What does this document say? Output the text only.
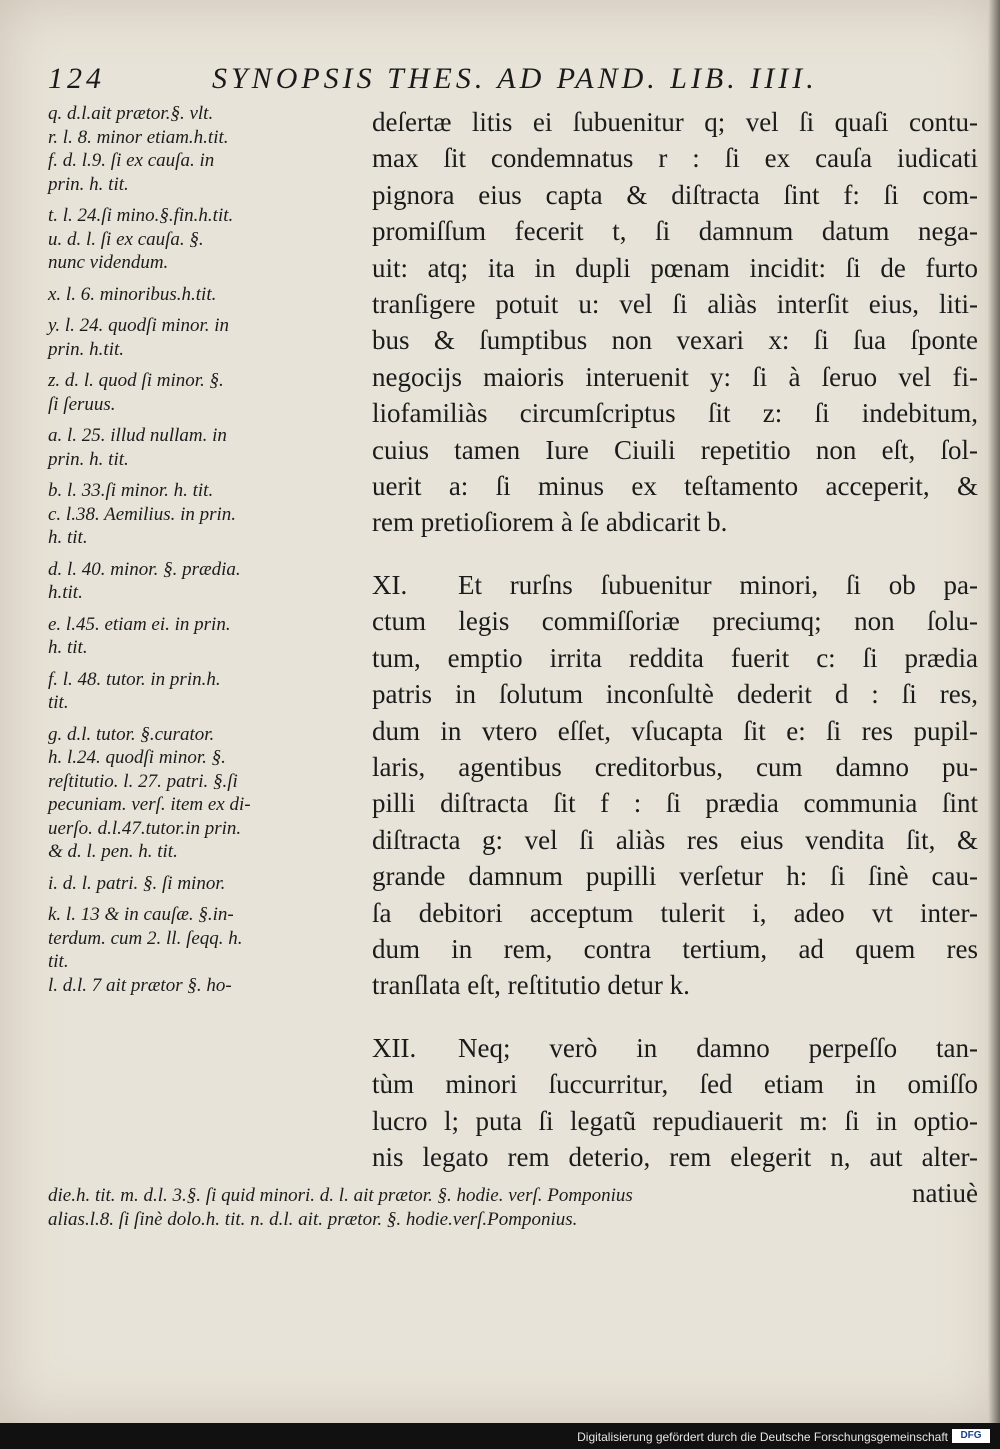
124	SYNOPSIS THES. AD PAND. LIB. IIII.

q. d.l.ait prætor.§. vlt.

r. l. 8. minor etiam.h.tit.

f. d. l.9. ſi ex cauſa. in

prin. h. tit.

t. l. 24.ſi mino.§.fin.h.tit.

u. d. l. ſi ex cauſa. §.

nunc videndum.

x. l. 6. minoribus.h.tit.

y. l. 24. quodſi minor. in

prin. h.tit.

z. d. l. quod ſi minor. §.

ſi ſeruus.

a. l. 25. illud nullam. in

prin. h. tit.

b. l. 33.ſi minor. h. tit.

c. l.38. Aemilius. in prin.

h. tit.

d. l. 40. minor. §. prædia.

h.tit.

e. l.45. etiam ei. in prin.

h. tit.

f. l. 48. tutor. in prin.h.

tit.

g. d.l. tutor. §.curator.

h. l.24. quodſi minor. §.

reſtitutio. l. 27. patri. §.ſi

pecuniam. verſ. item ex di-

uerſo. d.l.47.tutor.in prin.

& d. l. pen. h. tit.

i. d. l. patri. §. ſi minor.

k. l. 13 & in cauſæ. §.in-

terdum. cum 2. ll. ſeqq. h.

tit.

l. d.l. 7 ait prætor §. ho-

deſertæ litis ei ſubuenitur q; vel ſi quaſi contu-
max ſit condemnatus r : ſi ex cauſa iudicati
pignora eius capta & diſtracta ſint f: ſi com-
promiſſum fecerit t, ſi damnum datum nega-
uit: atq; ita in dupli pœnam incidit: ſi de furto
tranſigere potuit u: vel ſi aliàs interſit eius, liti-
bus & ſumptibus non vexari x: ſi ſua ſponte
negocijs maioris interuenit y: ſi à ſeruo vel fi-
liofamiliàs circumſcriptus ſit z: ſi indebitum,
cuius tamen Iure Ciuili repetitio non eſt, ſol-
uerit a: ſi minus ex teſtamento acceperit, &
rem pretioſiorem à ſe abdicarit b.

XI. Et rurſns ſubuenitur minori, ſi ob pa-
ctum legis commiſſoriæ preciumq; non ſolu-
tum, emptio irrita reddita fuerit c: ſi prædia
patris in ſolutum inconſultè dederit d : ſi res,
dum in vtero eſſet, vſucapta ſit e: ſi res pupil-
laris, agentibus creditorbus, cum damno pu-
pilli diſtracta ſit f : ſi prædia communia ſint
diſtracta g: vel ſi aliàs res eius vendita ſit, &
grande damnum pupilli verſetur h: ſi ſinè cau-
ſa debitori acceptum tulerit i, adeo vt inter-
dum in rem, contra tertium, ad quem res
tranſlata eſt, reſtitutio detur k.

XII. Neq; verò in damno perpeſſo tan-
tùm minori ſuccurritur, ſed etiam in omiſſo
lucro l; puta ſi legatũ repudiauerit m: ſi in optio-
nis legato rem deterio, rem elegerit n, aut alter-
natiuè

die.h. tit. m. d.l. 3.§. ſi quid minori. d. l. ait prætor. §. hodie. verſ. Pomponius
alias.l.8. ſi ſinè dolo.h. tit. n. d.l. ait. prætor. §. hodie.verſ.Pomponius.
Digitalisierung gefördert durch die Deutsche Forschungsgemeinschaft	DFG
